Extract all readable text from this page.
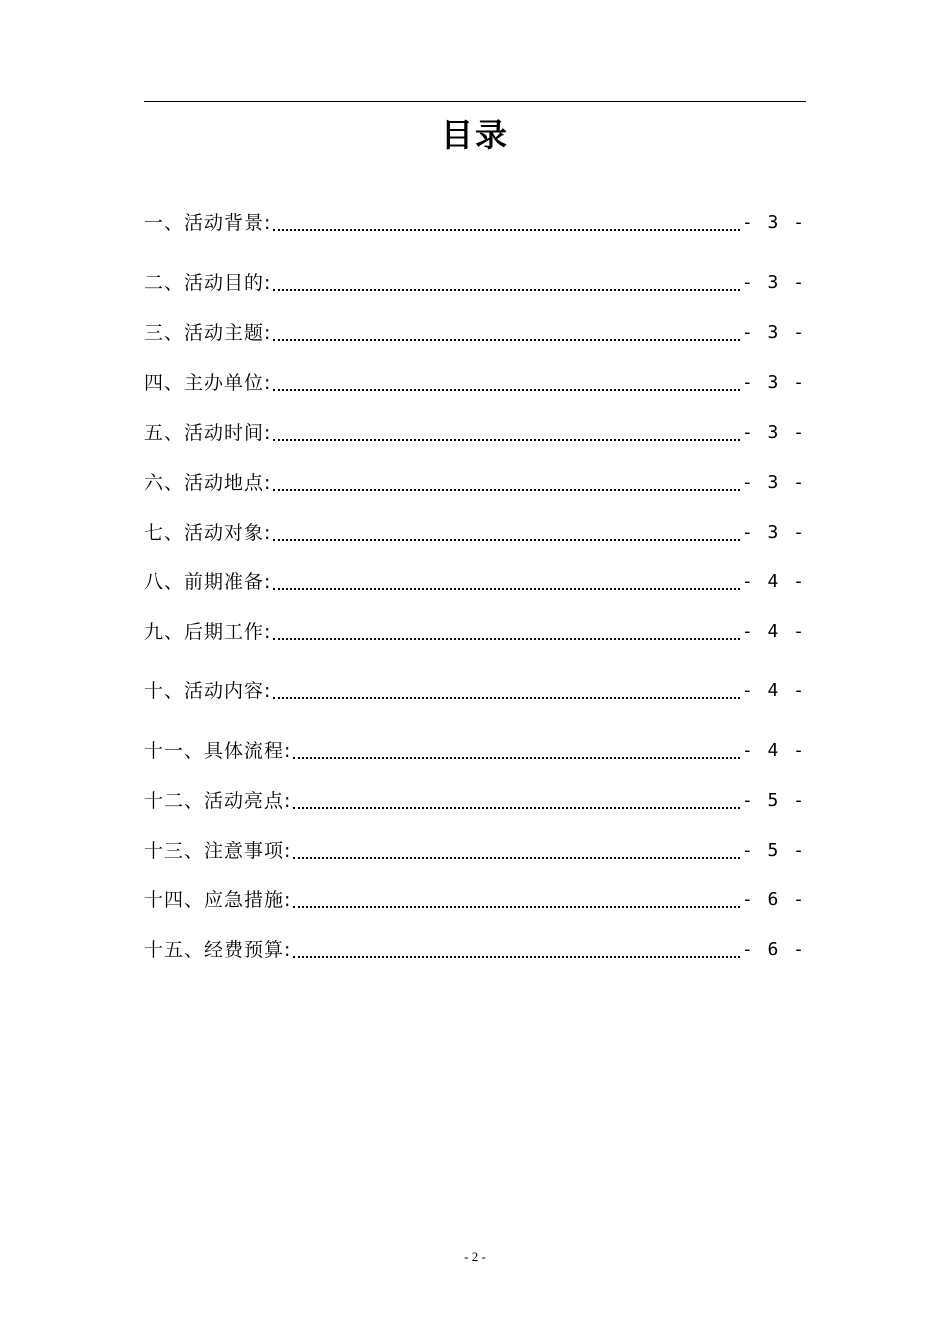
目录
一、活动背景:	- 3 -
二、活动目的:	- 3 -
三、活动主题:	- 3 -
四、主办单位:	- 3 -
五、活动时间:	- 3 -
六、活动地点:	- 3 -
七、活动对象:	- 3 -
八、前期准备:	- 4 -
九、后期工作:	- 4 -
十、活动内容:	- 4 -
十一、具体流程:	- 4 -
十二、活动亮点:	- 5 -
十三、注意事项:	- 5 -
十四、应急措施:	- 6 -
十五、经费预算:	- 6 -
- 2 -
